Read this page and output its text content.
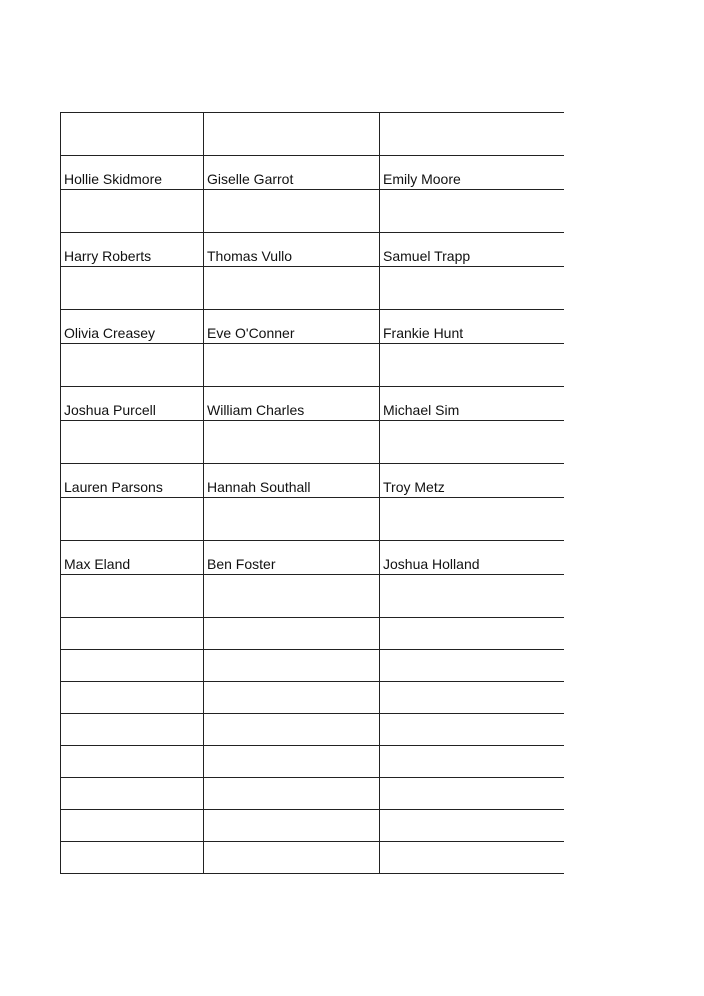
Hollie Skidmore	Giselle Garrot	Emily Moore

Harry Roberts	Thomas Vullo	Samuel Trapp

Olivia Creasey	Eve O'Conner	Frankie Hunt

Joshua Purcell	William Charles	Michael Sim

Lauren Parsons	Hannah Southall	Troy Metz

Max Eland	Ben Foster	Joshua Holland
